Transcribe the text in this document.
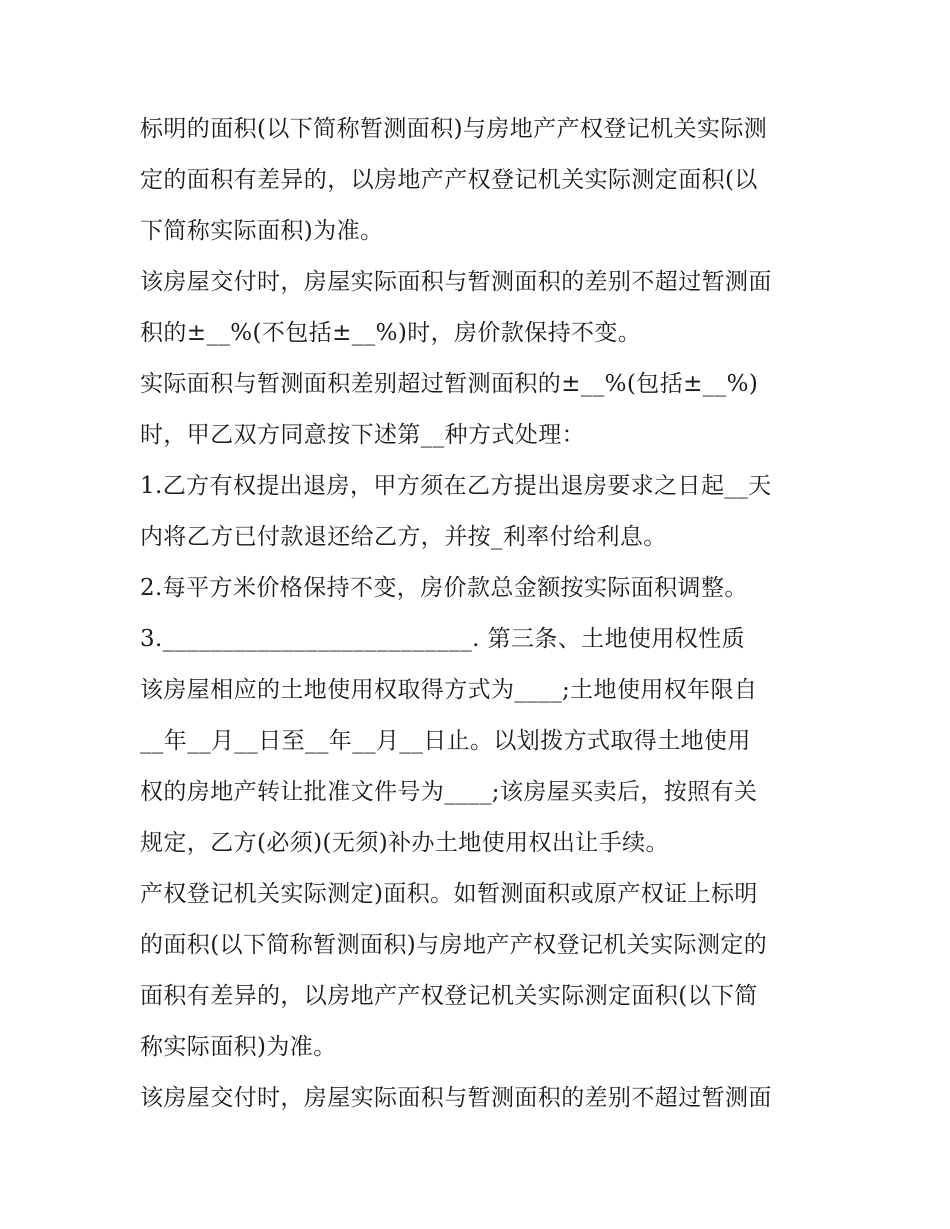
标明的面积(以下简称暂测面积)与房地产产权登记机关实际测
定的面积有差异的，以房地产产权登记机关实际测定面积(以
下简称实际面积)为准。
该房屋交付时，房屋实际面积与暂测面积的差别不超过暂测面
积的±__%(不包括±__%)时，房价款保持不变。
实际面积与暂测面积差别超过暂测面积的±__%(包括±__%)
时，甲乙双方同意按下述第__种方式处理：
1.乙方有权提出退房，甲方须在乙方提出退房要求之日起__天
内将乙方已付款退还给乙方，并按_利率付给利息。
2.每平方米价格保持不变，房价款总金额按实际面积调整。
3.__________________________. 第三条、土地使用权性质
该房屋相应的土地使用权取得方式为____;土地使用权年限自
__年__月__日至__年__月__日止。以划拨方式取得土地使用
权的房地产转让批准文件号为____;该房屋买卖后，按照有关
规定，乙方(必须)(无须)补办土地使用权出让手续。
产权登记机关实际测定)面积。如暂测面积或原产权证上标明
的面积(以下简称暂测面积)与房地产产权登记机关实际测定的
面积有差异的，以房地产产权登记机关实际测定面积(以下简
称实际面积)为准。
该房屋交付时，房屋实际面积与暂测面积的差别不超过暂测面
